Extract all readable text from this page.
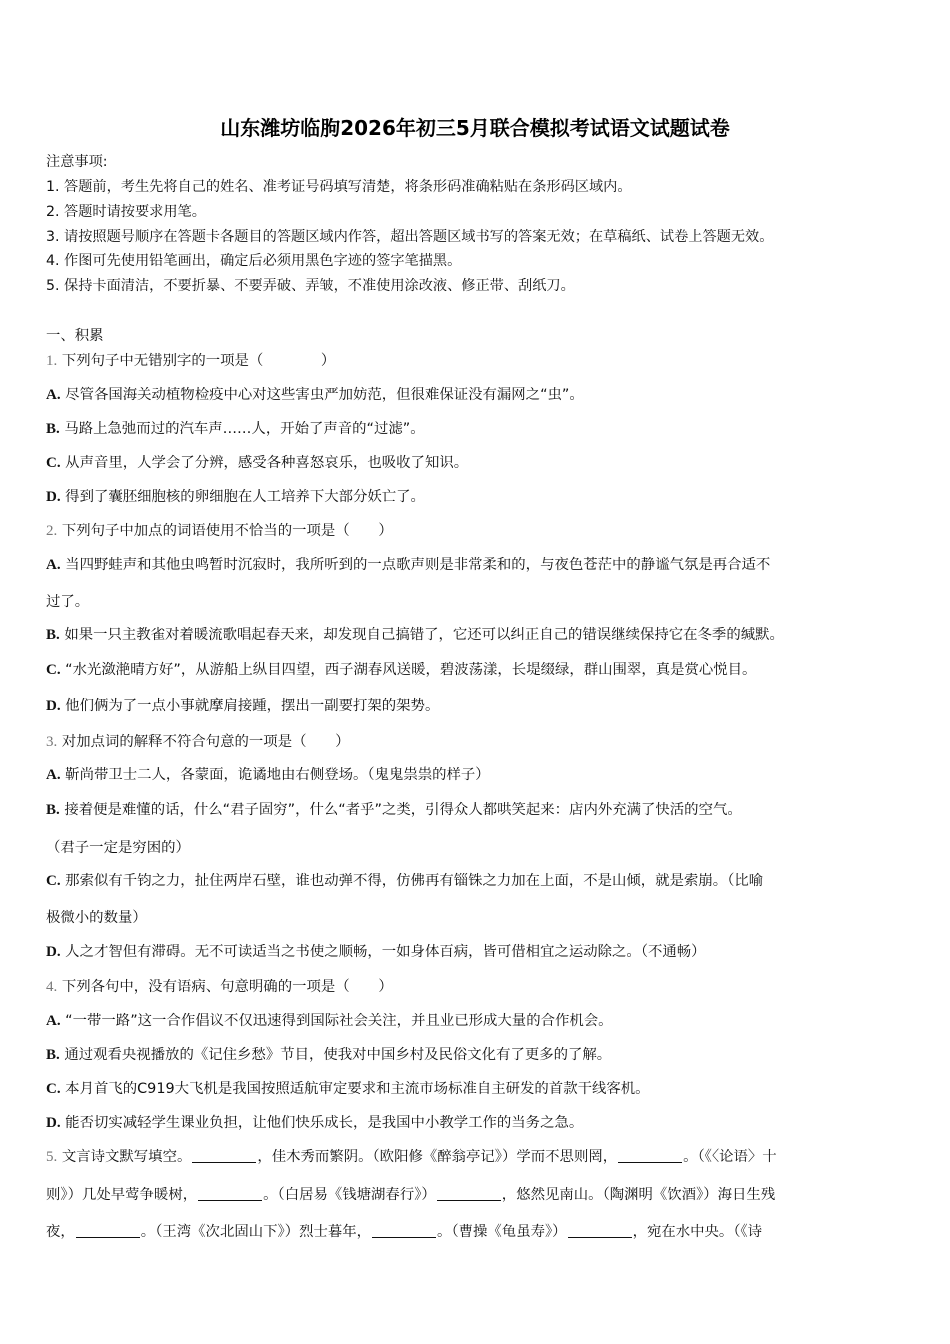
山东潍坊临朐2026年初三5月联合模拟考试语文试题试卷
注意事项:
1. 答题前，考生先将自己的姓名、准考证号码填写清楚，将条形码准确粘贴在条形码区域内。
2. 答题时请按要求用笔。
3. 请按照题号顺序在答题卡各题目的答题区域内作答，超出答题区域书写的答案无效；在草稿纸、试卷上答题无效。
4. 作图可先使用铅笔画出，确定后必须用黑色字迹的签字笔描黑。
5. 保持卡面清洁，不要折暴、不要弄破、弄皱，不准使用涂改液、修正带、刮纸刀。
一、积累
1. 下列句子中无错别字的一项是（　　　　）
A. 尽管各国海关动植物检疫中心对这些害虫严加妨范，但很难保证没有漏网之“虫”。
B. 马路上急弛而过的汽车声……人，开始了声音的“过滤”。
C. 从声音里，人学会了分辨，感受各种喜怒哀乐，也吸收了知识。
D. 得到了囊胚细胞核的卵细胞在人工培养下大部分妖亡了。
2. 下列句子中加点的词语使用不恰当的一项是（　　）
A. 当四野蛙声和其他虫鸣暂时沉寂时，我所听到的一点歌声则是非常柔和的，与夜色苍茫中的静谧气氛是再合适不
过了。
B. 如果一只主教雀对着暖流歌唱起春天来，却发现自己搞错了，它还可以纠正自己的错误继续保持它在冬季的缄默。
C. “水光潋滟晴方好”，从游船上纵目四望，西子湖春风送暖，碧波荡漾，长堤缀绿，群山围翠，真是赏心悦目。
D. 他们俩为了一点小事就摩肩接踵，摆出一副要打架的架势。
3. 对加点词的解释不符合句意的一项是（　　）
A. 靳尚带卫士二人，各蒙面，诡谲地由右侧登场。（鬼鬼祟祟的样子）
B. 接着便是难懂的话，什么“君子固穷”，什么“者乎”之类，引得众人都哄笑起来：店内外充满了快活的空气。
（君子一定是穷困的）
C. 那索似有千钧之力，扯住两岸石壁，谁也动弹不得，仿佛再有锱铢之力加在上面，不是山倾，就是索崩。（比喻
极微小的数量）
D. 人之才智但有滞碍。无不可读适当之书使之顺畅，一如身体百病，皆可借相宜之运动除之。（不通畅）
4. 下列各句中，没有语病、句意明确的一项是（　　）
A. “一带一路”这一合作倡议不仅迅速得到国际社会关注，并且业已形成大量的合作机会。
B. 通过观看央视播放的《记住乡愁》节目，使我对中国乡村及民俗文化有了更多的了解。
C. 本月首飞的C919大飞机是我国按照适航审定要求和主流市场标准自主研发的首款干线客机。
D. 能否切实减轻学生课业负担，让他们快乐成长，是我国中小教学工作的当务之急。
5. 文言诗文默写填空。	，佳木秀而繁阴。（欧阳修《醉翁亭记》）学而不思则罔，	。（《〈论语〉十
则》）几处早莺争暖树，	。（白居易《钱塘湖春行》）	，悠然见南山。（陶渊明《饮酒》）海日生残
夜，	。（王湾《次北固山下》）烈士暮年，	。（曹操《龟虽寿》）	，宛在水中央。（《诗
